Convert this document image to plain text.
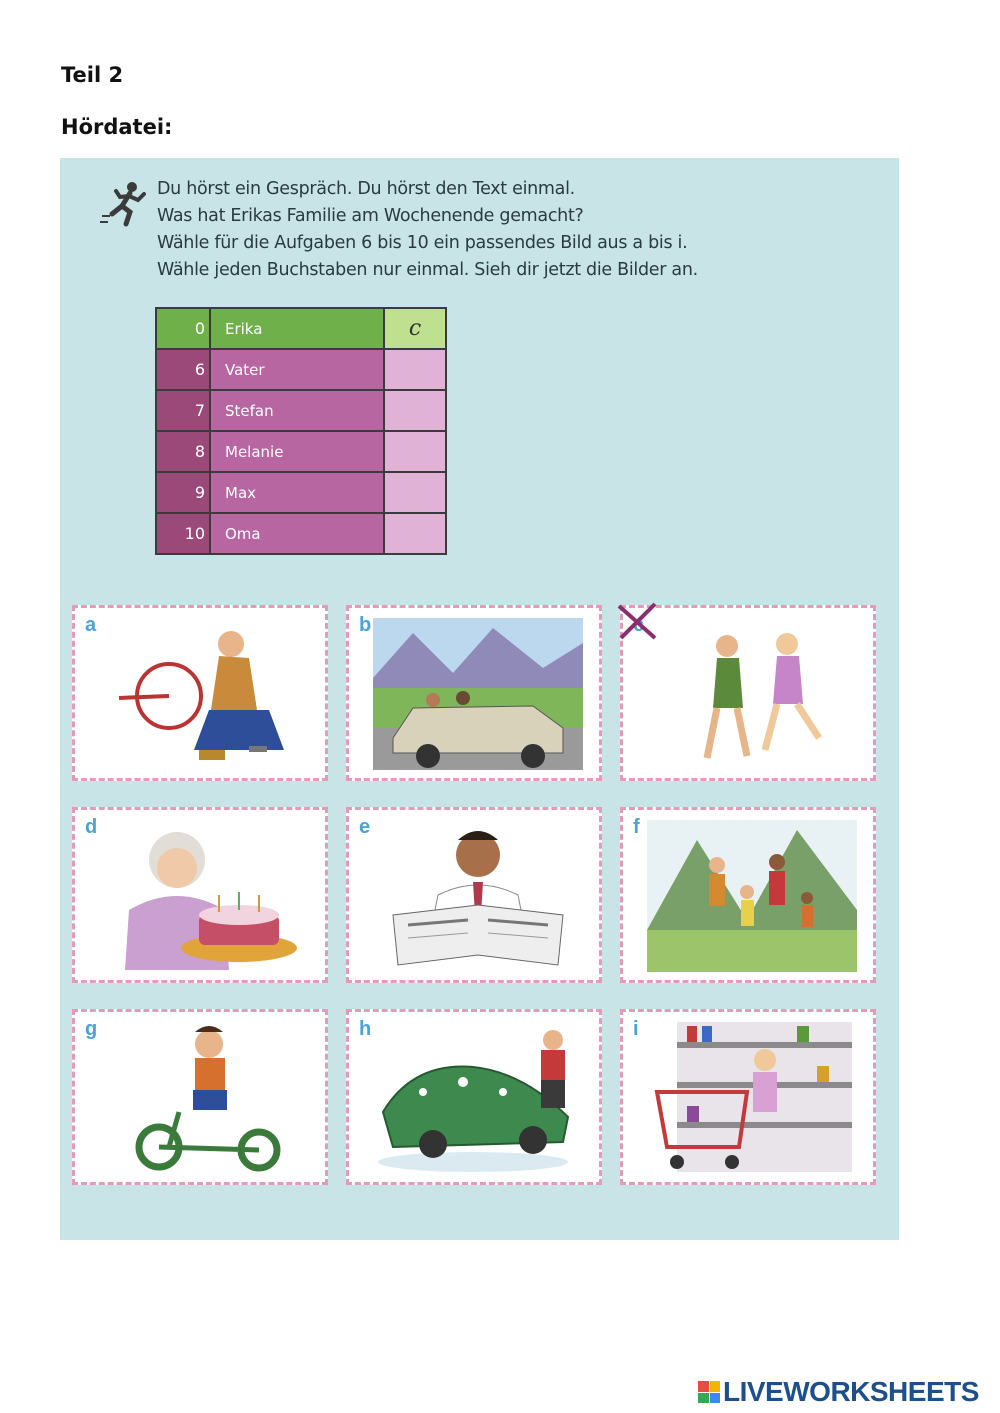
Teil 2
Hördatei:
Du hörst ein Gespräch. Du hörst den Text einmal.
Was hat Erikas Familie am Wochenende gemacht?
Wähle für die Aufgaben 6 bis 10 ein passendes Bild aus a bis i.
Wähle jeden Buchstaben nur einmal. Sieh dir jetzt die Bilder an.
0	Erika	c
6	Vater	
7	Stefan	
8	Melanie	
9	Max	
10	Oma	
a	b
d	e	f
g	h	i
LIVEWORKSHEETS
